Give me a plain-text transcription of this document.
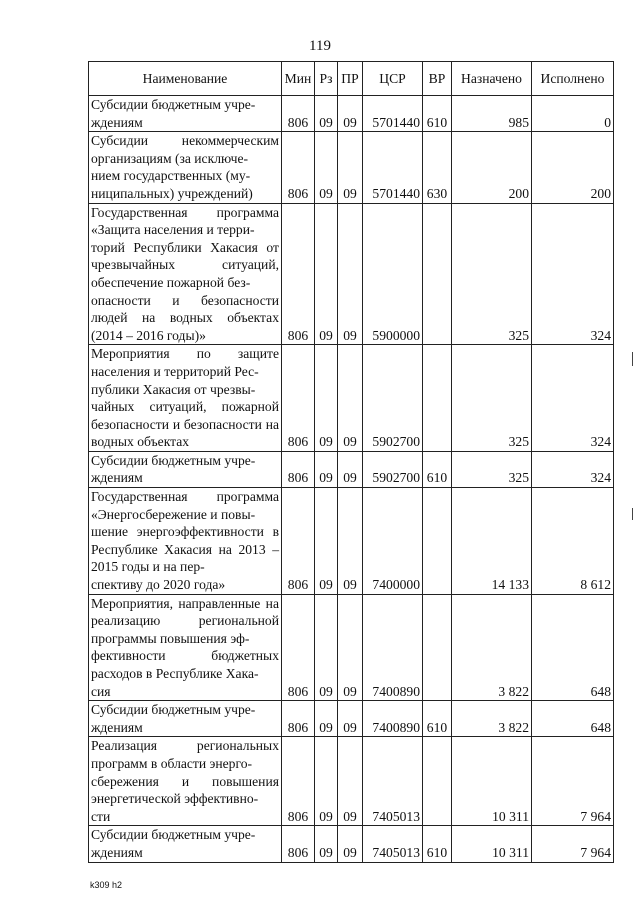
119
Наименование	Мин	Рз	ПР	ЦСР	ВР	Назначено	Исполнено
Субсидии бюджетным учре-
ждениям	806	09	09	5701440	610	985	0
Субсидии некоммерческим организациям (за исключе-
нием государственных (му-
ниципальных) учреждений)	806	09	09	5701440	630	200	200
Государственная программа «Защита населения и терри-
торий Республики Хакасия от чрезвычайных ситуаций, обеспечение пожарной без-
опасности и безопасности людей на водных объектах (2014 – 2016 годы)»	806	09	09	5900000		325	324
Мероприятия по защите населения и территорий Рес-
публики Хакасия от чрезвы-
чайных ситуаций, пожарной безопасности и безопасности на водных объектах	806	09	09	5902700		325	324
Субсидии бюджетным учре-
ждениям	806	09	09	5902700	610	325	324
Государственная программа «Энергосбережение и повы-
шение энергоэффективности в Республике Хакасия на 2013 – 2015 годы и на пер-
спективу до 2020 года»	806	09	09	7400000		14 133	8 612
Мероприятия, направленные на реализацию региональной программы повышения эф-
фективности бюджетных расходов в Республике Хака-
сия	806	09	09	7400890		3 822	648
Субсидии бюджетным учре-
ждениям	806	09	09	7400890	610	3 822	648
Реализация региональных программ в области энерго-
сбережения и повышения энергетической эффективно-
сти	806	09	09	7405013		10 311	7 964
Субсидии бюджетным учре-
ждениям	806	09	09	7405013	610	10 311	7 964
k309 h2
